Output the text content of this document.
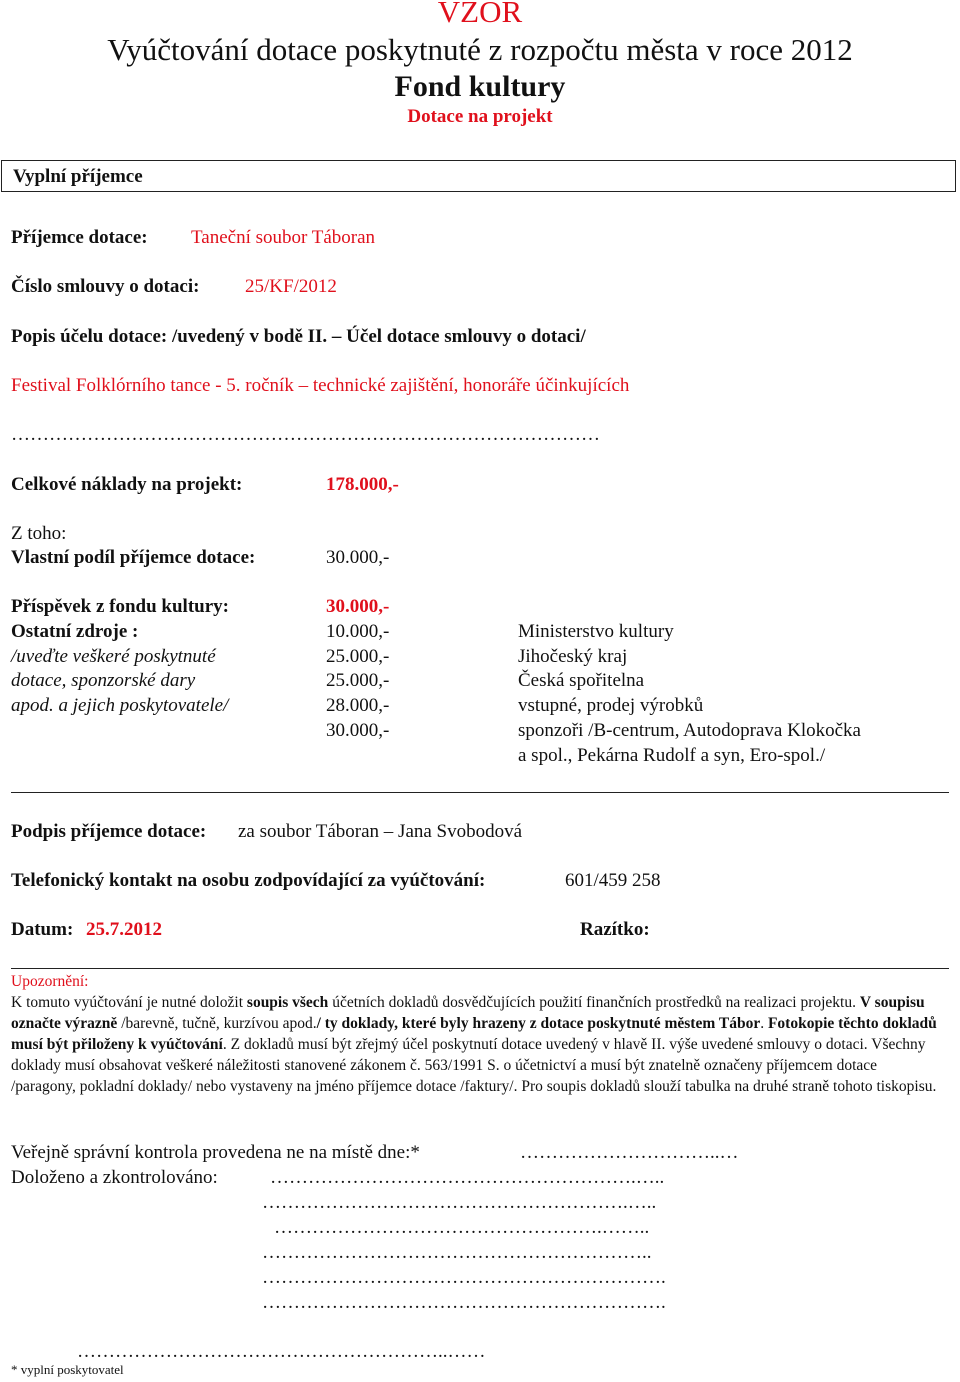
VZOR
Vyúčtování dotace poskytnuté z rozpočtu města v roce 2012
Fond kultury
Dotace na projekt
Vyplní příjemce
Příjemce dotace: Taneční soubor Táboran
Číslo smlouvy o dotaci: 25/KF/2012
Popis účelu dotace: /uvedený v bodě II. – Účel dotace smlouvy o dotaci/
Festival Folklórního tance - 5. ročník – technické zajištění, honoráře účinkujících
…………………………………………………………………………………
Celkové náklady na projekt:	178.000,-
Z toho:
Vlastní podíl příjemce dotace:	30.000,-
Příspěvek z fondu kultury:	30.000,-
Ostatní zdroje :	10.000,-	Ministerstvo kultury
/uveďte veškeré poskytnuté	25.000,-	Jihočeský kraj
dotace, sponzorské dary	25.000,-	Česká spořitelna
apod. a jejich poskytovatele/	28.000,-	vstupné, prodej výrobků
30.000,-	sponzoři /B-centrum, Autodoprava Klokočka
a spol., Pekárna Rudolf a syn, Ero-spol./
Podpis příjemce dotace: za soubor Táboran – Jana Svobodová
Telefonický kontakt na osobu zodpovídající za vyúčtování:	601/459 258
Datum: 25.7.2012	Razítko:
Upozornění:
K tomuto vyúčtování je nutné doložit soupis všech účetních dokladů dosvědčujících použití finančních prostředků na realizaci projektu. V soupisu označte výrazně /barevně, tučně, kurzívou apod./ ty doklady, které byly hrazeny z dotace poskytnuté městem Tábor. Fotokopie těchto dokladů musí být přiloženy k vyúčtování. Z dokladů musí být zřejmý účel poskytnutí dotace uvedený v hlavě II. výše uvedené smlouvy o dotaci. Všechny doklady musí obsahovat veškeré náležitosti stanovené zákonem č. 563/1991 S. o účetnictví a musí být znatelně označeny příjemcem dotace /paragony, pokladní doklady/ nebo vystaveny na jméno příjemce dotace /faktury/. Pro soupis dokladů slouží tabulka na druhé straně tohoto tiskopisu.
Veřejně správní kontrola provedena ne na místě dne:*	…………………………..…
Doloženo a zkontrolováno:	………………………………………………….…..
………………………………………………….…..
…………………………………………….……..
……………………………………………………..
……………………………………………………….
……………………………………………………….
…………………………………………………..……
* vyplní poskytovatel
